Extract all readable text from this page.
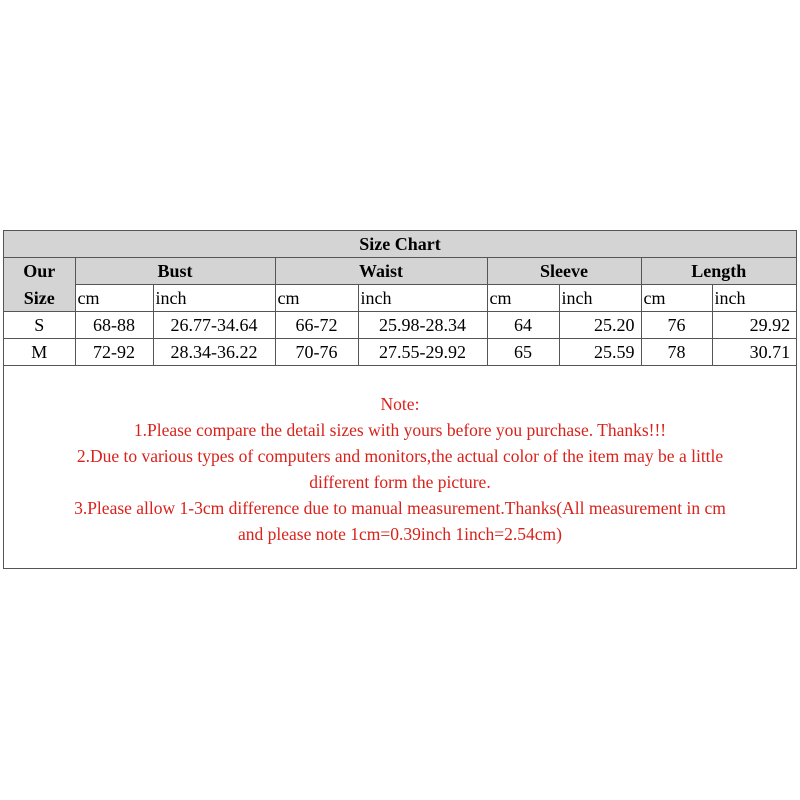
Size Chart								
Our	Bust		Waist		Sleeve		Length	
Size	cm	inch	cm	inch	cm	inch	cm	inch
S	68-88	26.77-34.64	66-72	25.98-28.34	64	25.20	76	29.92
M	72-92	28.34-36.22	70-76	27.55-29.92	65	25.59	78	30.71
Note:
1.Please compare the detail sizes with yours before you purchase. Thanks!!!
2.Due to various types of computers and monitors,the actual color of the item may be a little
different form the picture.
3.Please allow 1-3cm difference due to manual measurement.Thanks(All measurement in cm
and please note 1cm=0.39inch 1inch=2.54cm)
